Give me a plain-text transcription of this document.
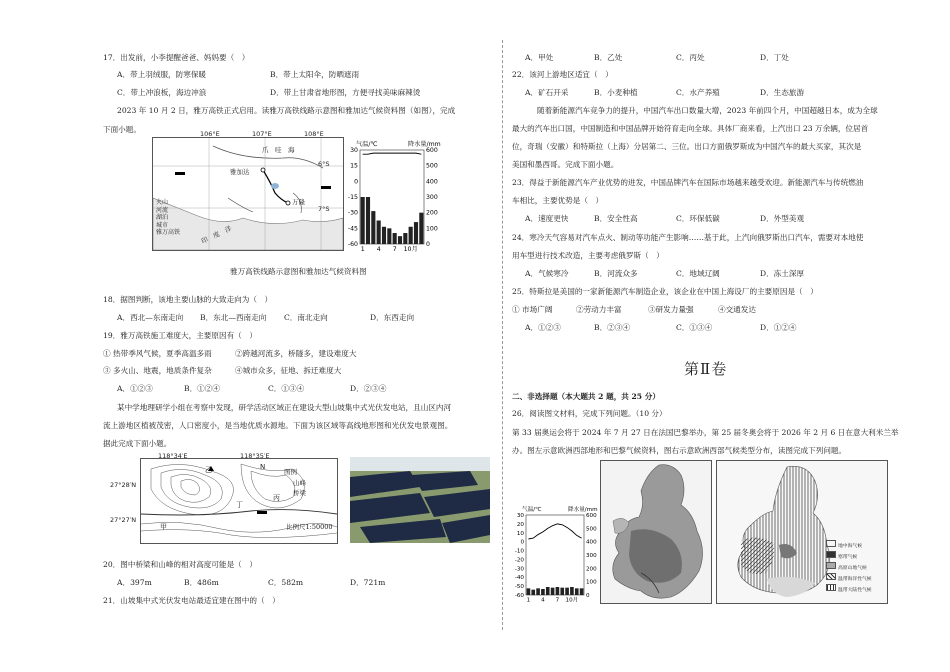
17．出发前，小李提醒爸爸、妈妈要（　）
A．带上羽绒服，防寒保暖	B．带上太阳伞，防晒遮雨
C．带上冲浪板，海边冲浪	D．带上甘肃省地形图，方便寻找美味麻辣烫
2023 年 10 月 2 日，雅万高铁正式启用。读雅万高铁线路示意图和雅加达气候资料图（如图），完成
下面小题。	106°E	107°E	108°E
6°S
7°S
雅加达
万隆
爪　哇　海
印　度　洋
火山
河流
湖泊
城市
雅万高铁
30
15
0
-15
-30
-45
-60
600
500
400
300
200
100
0
1 4 7 10月
气温/℃	降水量/mm
雅万高铁线路示意图和雅加达气候资料图
18．据图判断，该地主要山脉的大致走向为（　）
A．西北—东南走向 B．东北—西南走向 C．南北走向	D．东西走向
19．雅万高铁施工难度大，主要原因有（　）
① 热带季风气候，夏季高温多雨	②跨越河流多，桥隧多，建设难度大
③ 多火山、地震，地质条件复杂	④城市众多，征地、拆迁难度大
A．①②③	B．①②④	C．①③④	D．②③④
某中学地理研学小组在考察中发现，研学活动区域正在建设大型山坡集中式光伏发电站，且山区内河
流上游地区植被茂密，人口密度小，是当地优质水源地。下面为该区域等高线地形图和光伏发电景观图。
据此完成下面小题。
118°34′E	118°35′E
27°28′N
27°27′N
甲
乙
丙
丁
N
图例
山峰
桥梁
比例尺1:50000
20．图中桥梁和山峰的相对高度可能是（　）
A．397m	B．486m	C．582m	D．721m
21．山坡集中式光伏发电站最适宜建在图中的（　）
A．甲处	B．乙处	C．丙处	D．丁处
22．该河上游地区适宜（　）
A．矿石开采	B．小麦种植	C．水产养殖	D．生态旅游
随着新能源汽车竞争力的提升，中国汽车出口数量大增，2023 年前四个月，中国超越日本，成为全球
最大的汽车出口国，中国制造和中国品牌开始符育走向全球。具体厂商来看，上汽出口 23 万余辆，位居首
位，奇瑞（安徽）和特斯拉（上海）分居第二、三位。出口方面俄罗斯成为中国汽车的最大买家，其次是
美国和墨西哥。完成下面小题。
23．得益于新能源汽车产业优势的进发，中国品牌汽车在国际市场越来越受欢迎。新能源汽车与传统燃油
车相比，主要优势是（　）
A．速度更快	B．安全性高	C．环保低碳	D．外型美观
24．寒冷天气容易对汽车点火、制动等功能产生影响……基于此，上汽向俄罗斯出口汽车，需要对本地使
用车型进行技术改造，主要考虑俄罗斯（　）
A．气候寒冷	B．河流众多	C．地域辽阔	D．冻土深厚
25．特斯拉是美国的一家新能源汽车制造企业，该企业在中国上海设厂的主要原因是（　）
① 市场广阔	②劳动力丰富	③研发力量强	④交通发达
A．①②③	B．②③④	C．①③④	D．①②④
第Ⅱ卷
二、非选择题（本大题共 2 题，共 25 分）
26．阅读图文材料，完成下列问题。（10 分）
第 33 届奥运会将于 2024 年 7 月 27 日在法国巴黎举办，第 25 届冬奥会将于 2026 年 2 月 6 日在意大利米兰举
办。图左示意欧洲西部地形和巴黎气候资料，图右示意欧洲西部气候类型分布，读图完成下列问题。
30
20
10
0
-10
-20
-30
-40
-50
-60
600
500
400
300
200
100
0
1 4 7 10月
气温/℃	降水量/mm
地中海气候
寒带气候
高原山地气候
温带海洋性气候
温带大陆性气候
